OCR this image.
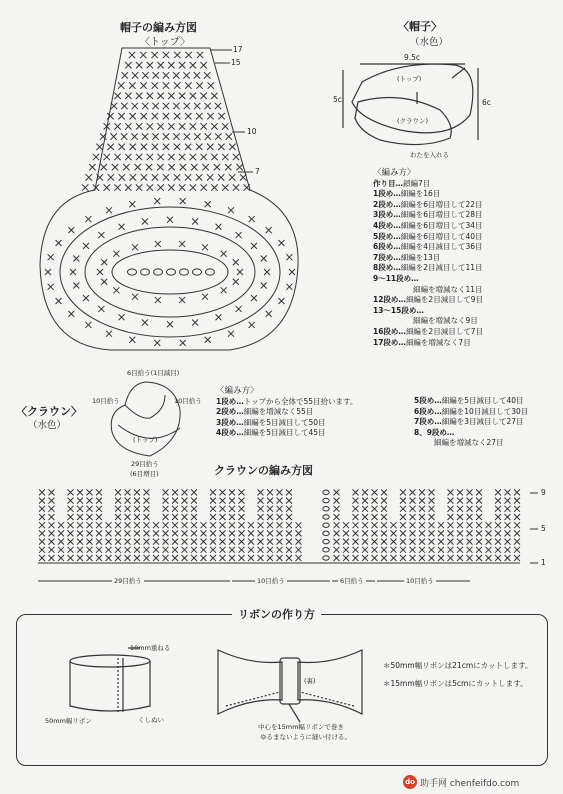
帽子の編み方図
〈トップ〉
17
15
10
7
〈帽子〉
（水色）
9.5c
5c	6c
(トップ)
(クラウン)
わたを入れる
〈編み方〉
作り目…鎖編7目
1段め…細編を16目
2段め…細編を6目増目して22目
3段め…細編を6目増目して28目
4段め…細編を6目増目して34目
5段め…細編を6目増目して40目
6段め…細編を4目減目して36目
7段め…細編を13目
8段め…細編を2目減目して11目
9〜11段め…
細編を増減なく11目
12段め…細編を2目減目して9目
13〜15段め…
細編を増減なく9目
16段め…細編を2目減目して7目
17段め…細編を増減なく7目
〈クラウン〉
（水色）
6目拾う(1目減目)
10目拾う	10目拾う
(トップ)
29目拾う
(6目増目)
〈編み方〉
1段め…トップから全体で55目拾います。
2段め…細編を増減なく55目
3段め…細編を5目減目して50目
4段め…細編を5目減目して45目
5段め…細編を5目減目して40目
6段め…細編を10目減目して30目
7段め…細編を3目減目して27目
8、9段め…
細編を増減なく27目
クラウンの編み方図
9
5
1
29目拾う	10目拾う	6目拾う	10目拾う
リボンの作り方
10mm重ねる
50mm幅リボン	くしぬい
(裏)
中心を15mm幅リボンで巻き
ゆるまないように縫い付ける。
＊50mm幅リボンは21cmにカットします。
＊15mm幅リボンは5cmにカットします。
do 助手网 chenfeifdo.com
